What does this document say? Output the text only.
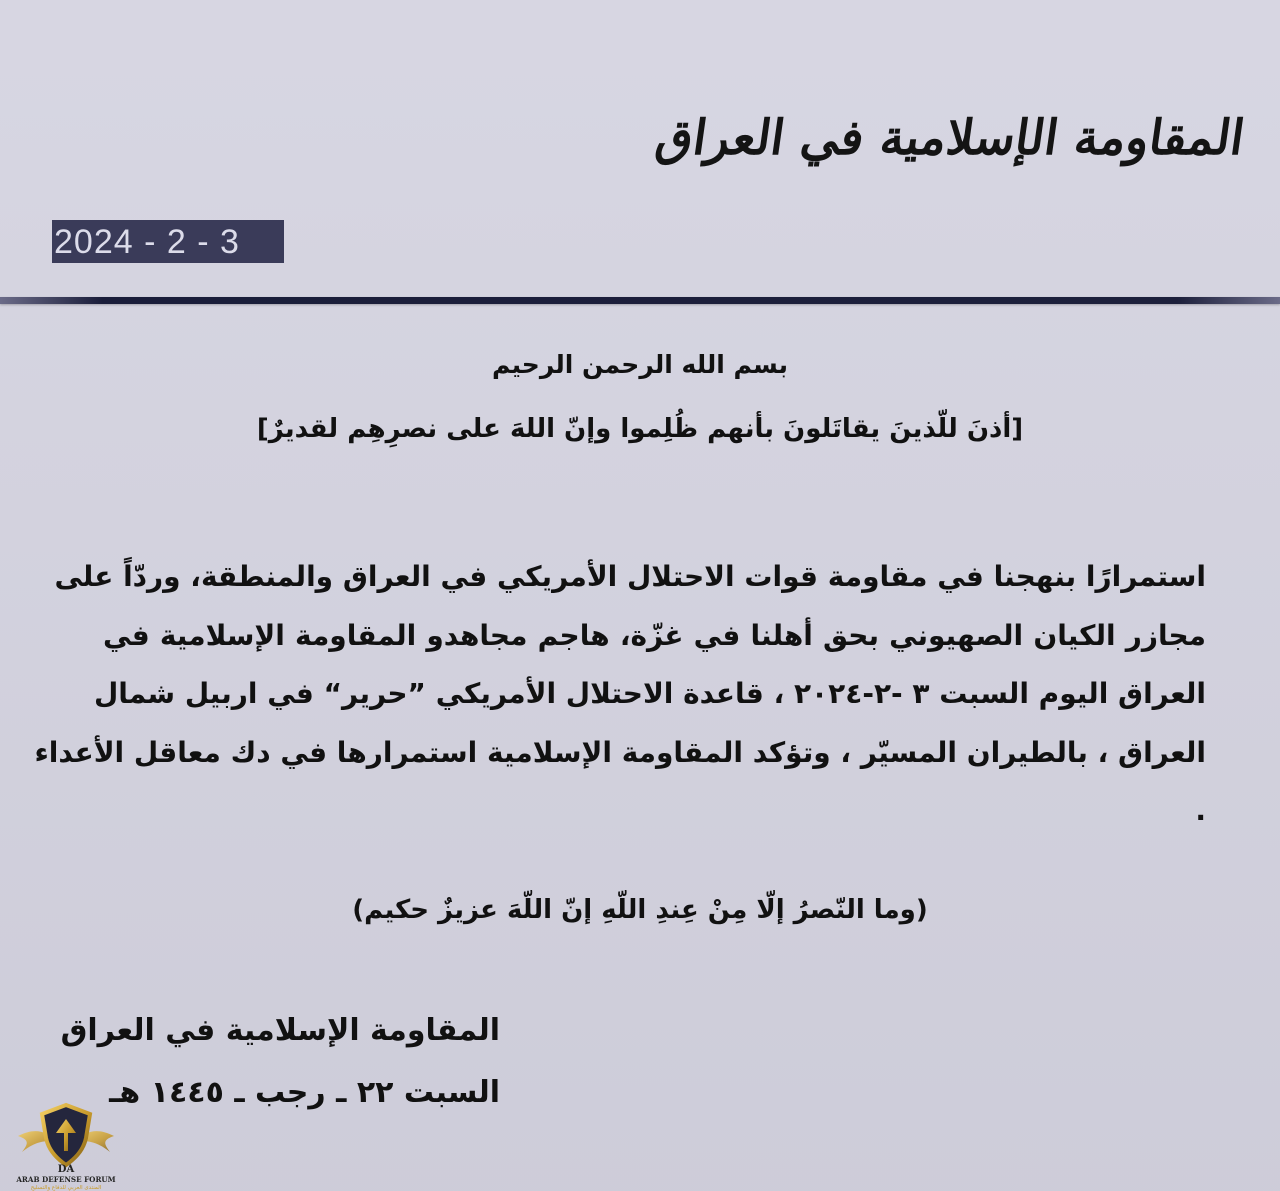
المقاومة الإسلامية في العراق
2024 - 2 - 3
بسم الله الرحمن الرحيم
[أذنَ للّذينَ يقاتَلونَ بأنهم ظُلِموا وإنّ اللهَ على نصرِهِم لقديرٌ]
استمرارًا بنهجنا في مقاومة قوات الاحتلال الأمريكي في العراق والمنطقة، وردّاً على
مجازر الكيان الصهيوني بحق أهلنا في غزّة، هاجم مجاهدو المقاومة الإسلامية في
العراق اليوم السبت ٣ -٢-٢٠٢٤ ، قاعدة الاحتلال الأمريكي ”حرير“ في اربيل شمال
العراق ، بالطيران المسيّر ، وتؤكد المقاومة الإسلامية استمرارها في دك معاقل الأعداء
.
(وما النّصرُ إلّا مِنْ عِندِ اللّهِ إنّ اللّهَ عزيزٌ حكيم)
المقاومة الإسلامية في العراق
السبت ٢٢ ـ رجب ـ ١٤٤٥ هـ
DA
ARAB DEFENSE FORUM
المنتدى العربي للدفاع والتسليح
